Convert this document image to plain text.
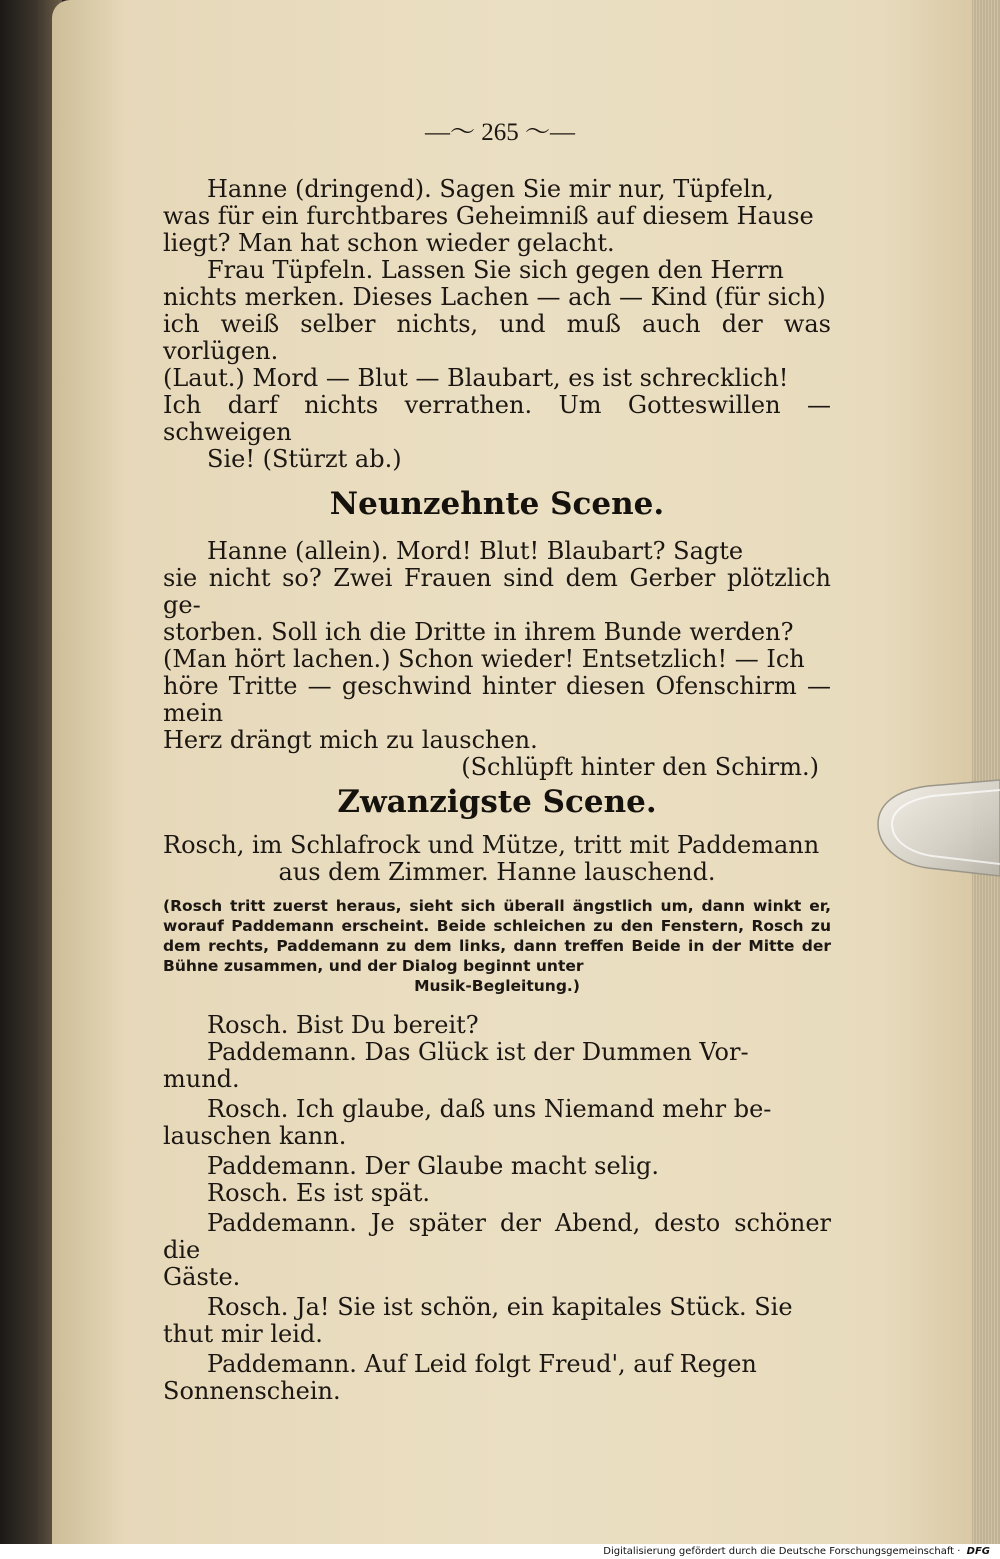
—〜 265 〜—

Hanne (dringend). Sagen Sie mir nur, Tüpfeln,

was für ein furchtbares Geheimniß auf diesem Hause

liegt? Man hat schon wieder gelacht.

Frau Tüpfeln. Lassen Sie sich gegen den Herrn

nichts merken. Dieses Lachen — ach — Kind (für sich)

ich weiß selber nichts, und muß auch der was vorlügen.

(Laut.) Mord — Blut — Blaubart, es ist schrecklich!

Ich darf nichts verrathen. Um Gotteswillen — schweigen

Sie! (Stürzt ab.)

Neunzehnte Scene.

Hanne (allein). Mord! Blut! Blaubart? Sagte

sie nicht so? Zwei Frauen sind dem Gerber plötzlich ge-

storben. Soll ich die Dritte in ihrem Bunde werden?

(Man hört lachen.) Schon wieder! Entsetzlich! — Ich

höre Tritte — geschwind hinter diesen Ofenschirm — mein

Herz drängt mich zu lauschen.

(Schlüpft hinter den Schirm.)

Zwanzigste Scene.

Rosch, im Schlafrock und Mütze, tritt mit Paddemann

aus dem Zimmer. Hanne lauschend.

(Rosch tritt zuerst heraus, sieht sich überall ängstlich um, dann winkt er, worauf Paddemann erscheint. Beide schleichen zu den Fenstern, Rosch zu dem rechts, Paddemann zu dem links, dann treffen Beide in der Mitte der Bühne zusammen, und der Dialog beginnt unter
Musik-Begleitung.)

Rosch. Bist Du bereit?

Paddemann. Das Glück ist der Dummen Vor-

mund.

Rosch. Ich glaube, daß uns Niemand mehr be-

lauschen kann.

Paddemann. Der Glaube macht selig.

Rosch. Es ist spät.

Paddemann. Je später der Abend, desto schöner die

Gäste.

Rosch. Ja! Sie ist schön, ein kapitales Stück. Sie

thut mir leid.

Paddemann. Auf Leid folgt Freud', auf Regen

Sonnenschein.

Digitalisierung gefördert durch die Deutsche Forschungsgemeinschaft · DFG
